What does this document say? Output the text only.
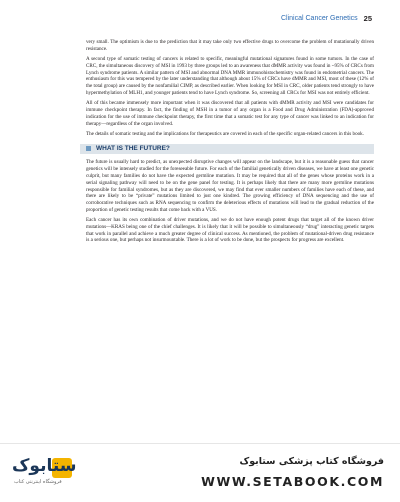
Clinical Cancer Genetics 25

very small. The optimism is due to the prediction that it may take only two effective drugs to overcome the problem of mutationally driven resistance.

A second type of somatic testing of cancers is related to specific, meaningful mutational signatures found in some tumors. In the case of CRC, the simultaneous discovery of MSI in 1993 by three groups led to an awareness that dMMR activity was found in ~95% of CRCs from Lynch syndrome patients. A similar pattern of MSI and abnormal DNA MMR immunohistochemistry was found in endometrial cancers. The enthusiasm for this was tempered by the later understanding that although about 15% of CRCs have dMMR and MSI, most of these (12% of the total group) are caused by the nonfamilial CIMP, as described earlier. When looking for MSI in CRC, older patients tend strongly to have hypermethylation of MLH1, and younger patients tend to have Lynch syndrome. So, screening all CRCs for MSI was not entirely efficient.

All of this became immensely more important when it was discovered that all patients with dMMR activity and MSI were candidates for immune checkpoint therapy. In fact, the finding of MSH in a tumor of any organ is a Food and Drug Administration (FDA)-approved indication for the use of immune checkpoint therapy, the first time that a somatic test for any type of cancer was linked to an indication for therapy—regardless of the organ involved.

The details of somatic testing and the implications for therapeutics are covered in each of the specific organ-related cancers in this book.

WHAT IS THE FUTURE?

The future is usually hard to predict, as unexpected disruptive changes will appear on the landscape, but it is a reasonable guess that cancer genetics will be intensely studied for the foreseeable future. For each of the familial genetically driven diseases, we have at least one genetic culprit, but many families do not have the expected germline mutation. It may be required that all of the genes whose proteins work in a serial signaling pathway will need to be on the gene panel for testing. It is perhaps likely that there are many more germline mutations responsible for familial syndromes, but as they are discovered, we may find that ever smaller numbers of families have each of these, and there are likely to be “private” mutations limited to just one kindred. The growing efficiency of DNA sequencing and the use of corroborative techniques such as RNA sequencing to confirm the deleterious effects of mutations will lead to the gradual reduction of the proportion of genetic testing results that come back with a VUS.

Each cancer has its own combination of driver mutations, and we do not have enough potent drugs that target all of the known driver mutations—KRAS being one of the chief challenges. It is likely that it will be possible to simultaneously “drug” interacting genetic targets that work in parallel and achieve a much greater degree of clinical success. As mentioned, the problem of mutational-driven drug resistance is a serious one, but perhaps not insurmountable. There is a lot of work to be done, but the prospects for progress are excellent.

ستابوک
فروشگاه اینترنتی کتاب
فروشگاه کتاب پزشکی ستابوک
WWW.SETABOOK.COM
